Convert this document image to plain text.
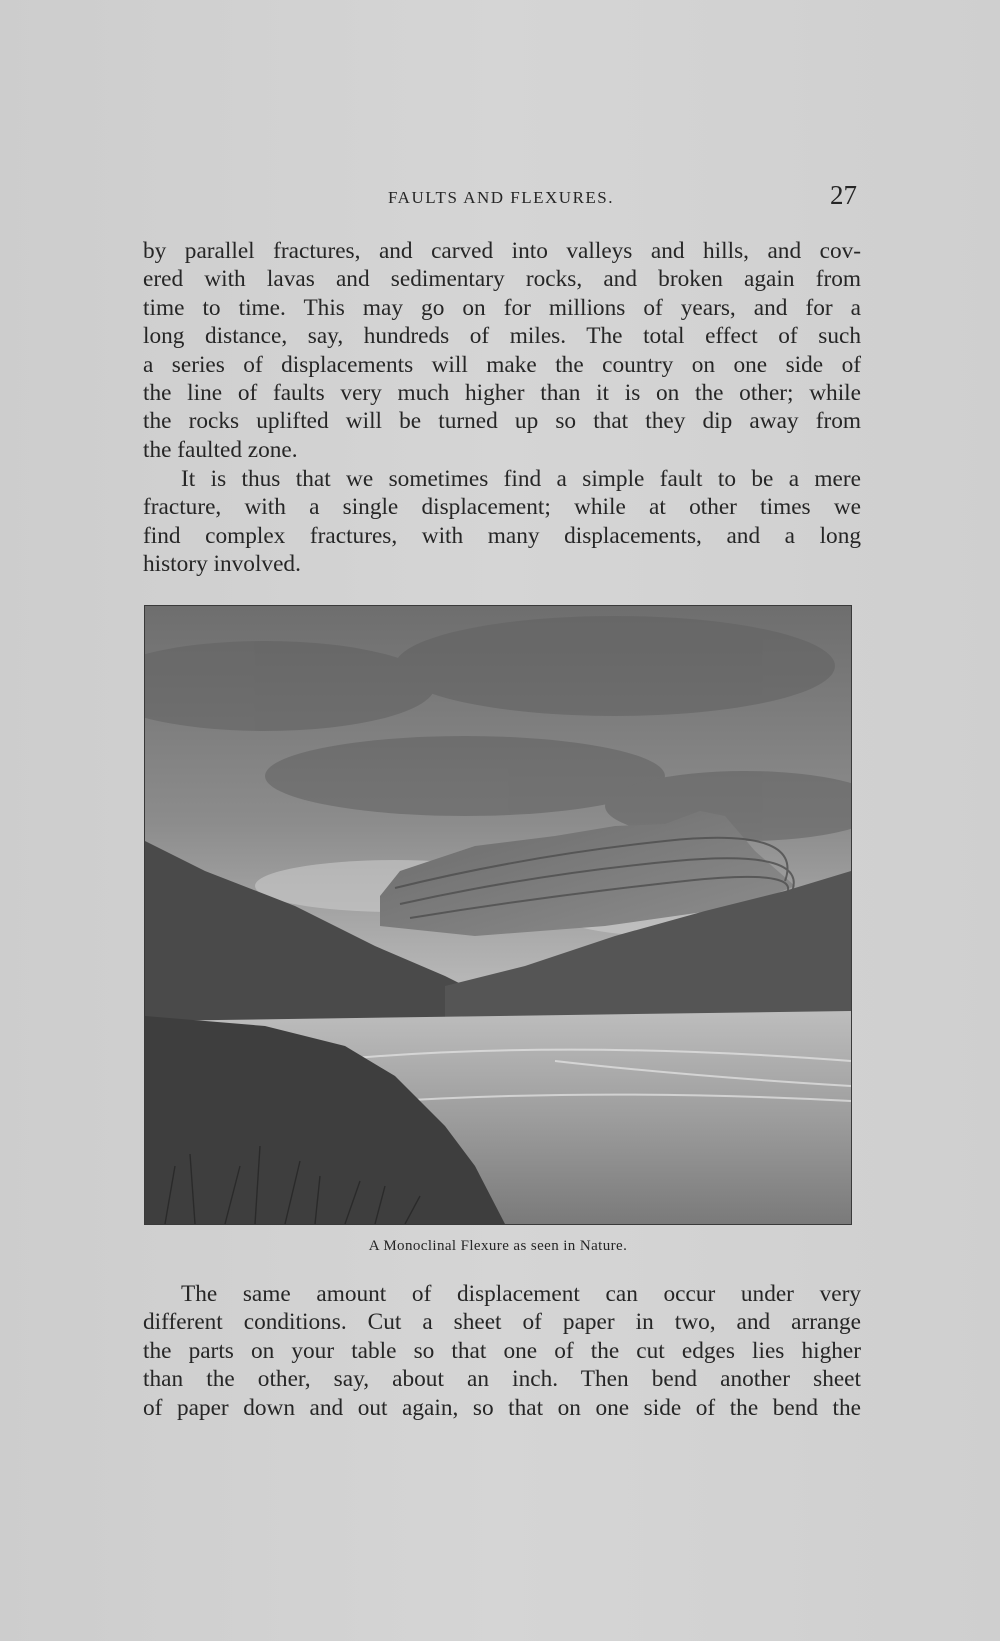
FAULTS AND FLEXURES.	27
by parallel fractures, and carved into valleys and hills, and cov-
ered with lavas and sedimentary rocks, and broken again from
time to time. This may go on for millions of years, and for a
long distance, say, hundreds of miles. The total effect of such
a series of displacements will make the country on one side of
the line of faults very much higher than it is on the other; while
the rocks uplifted will be turned up so that they dip away from
the faulted zone.
It is thus that we sometimes find a simple fault to be a mere
fracture, with a single displacement; while at other times we
find complex fractures, with many displacements, and a long
history involved.
A Monoclinal Flexure as seen in Nature.
The same amount of displacement can occur under very
different conditions. Cut a sheet of paper in two, and arrange
the parts on your table so that one of the cut edges lies higher
than the other, say, about an inch. Then bend another sheet
of paper down and out again, so that on one side of the bend the
